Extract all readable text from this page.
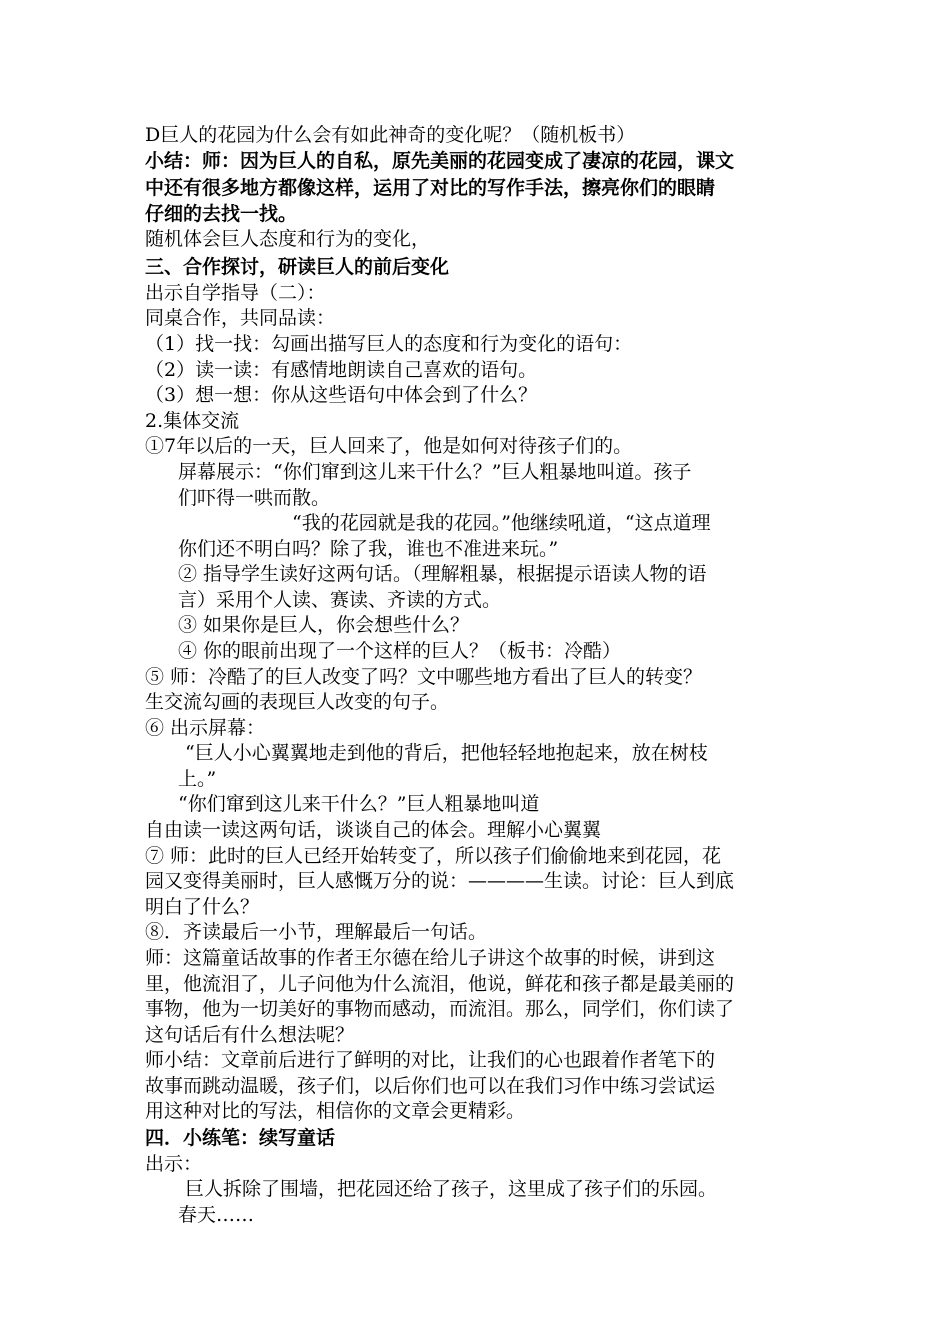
D巨人的花园为什么会有如此神奇的变化呢？（随机板书）
小结：师：因为巨人的自私，原先美丽的花园变成了凄凉的花园，课文
中还有很多地方都像这样，运用了对比的写作手法，擦亮你们的眼睛
仔细的去找一找。
随机体会巨人态度和行为的变化，
三、合作探讨，研读巨人的前后变化
出示自学指导（二）：
同桌合作，共同品读：
（1）找一找：勾画出描写巨人的态度和行为变化的语句：
（2）读一读：有感情地朗读自己喜欢的语句。
（3）想一想：你从这些语句中体会到了什么？
2.集体交流
①7年以后的一天，巨人回来了，他是如何对待孩子们的。
屏幕展示：“你们窜到这儿来干什么？”巨人粗暴地叫道。孩子
们吓得一哄而散。
“我的花园就是我的花园。”他继续吼道，“这点道理
你们还不明白吗？除了我，谁也不准进来玩。”
② 指导学生读好这两句话。（理解粗暴，根据提示语读人物的语
言）采用个人读、赛读、齐读的方式。
③ 如果你是巨人，你会想些什么？
④ 你的眼前出现了一个这样的巨人？（板书：冷酷）
⑤ 师：冷酷了的巨人改变了吗？文中哪些地方看出了巨人的转变？
生交流勾画的表现巨人改变的句子。
⑥ 出示屏幕：
“巨人小心翼翼地走到他的背后，把他轻轻地抱起来，放在树枝
上。”
“你们窜到这儿来干什么？”巨人粗暴地叫道
自由读一读这两句话，谈谈自己的体会。理解小心翼翼
⑦ 师：此时的巨人已经开始转变了，所以孩子们偷偷地来到花园，花
园又变得美丽时，巨人感慨万分的说：————生读。讨论：巨人到底
明白了什么？
⑧．齐读最后一小节，理解最后一句话。
师：这篇童话故事的作者王尔德在给儿子讲这个故事的时候，讲到这
里，他流泪了，儿子问他为什么流泪，他说，鲜花和孩子都是最美丽的
事物，他为一切美好的事物而感动，而流泪。那么，同学们，你们读了
这句话后有什么想法呢？
师小结：文章前后进行了鲜明的对比，让我们的心也跟着作者笔下的
故事而跳动温暖，孩子们，以后你们也可以在我们习作中练习尝试运
用这种对比的写法，相信你的文章会更精彩。
四．小练笔：续写童话
出示：
巨人拆除了围墙，把花园还给了孩子，这里成了孩子们的乐园。
春天……
